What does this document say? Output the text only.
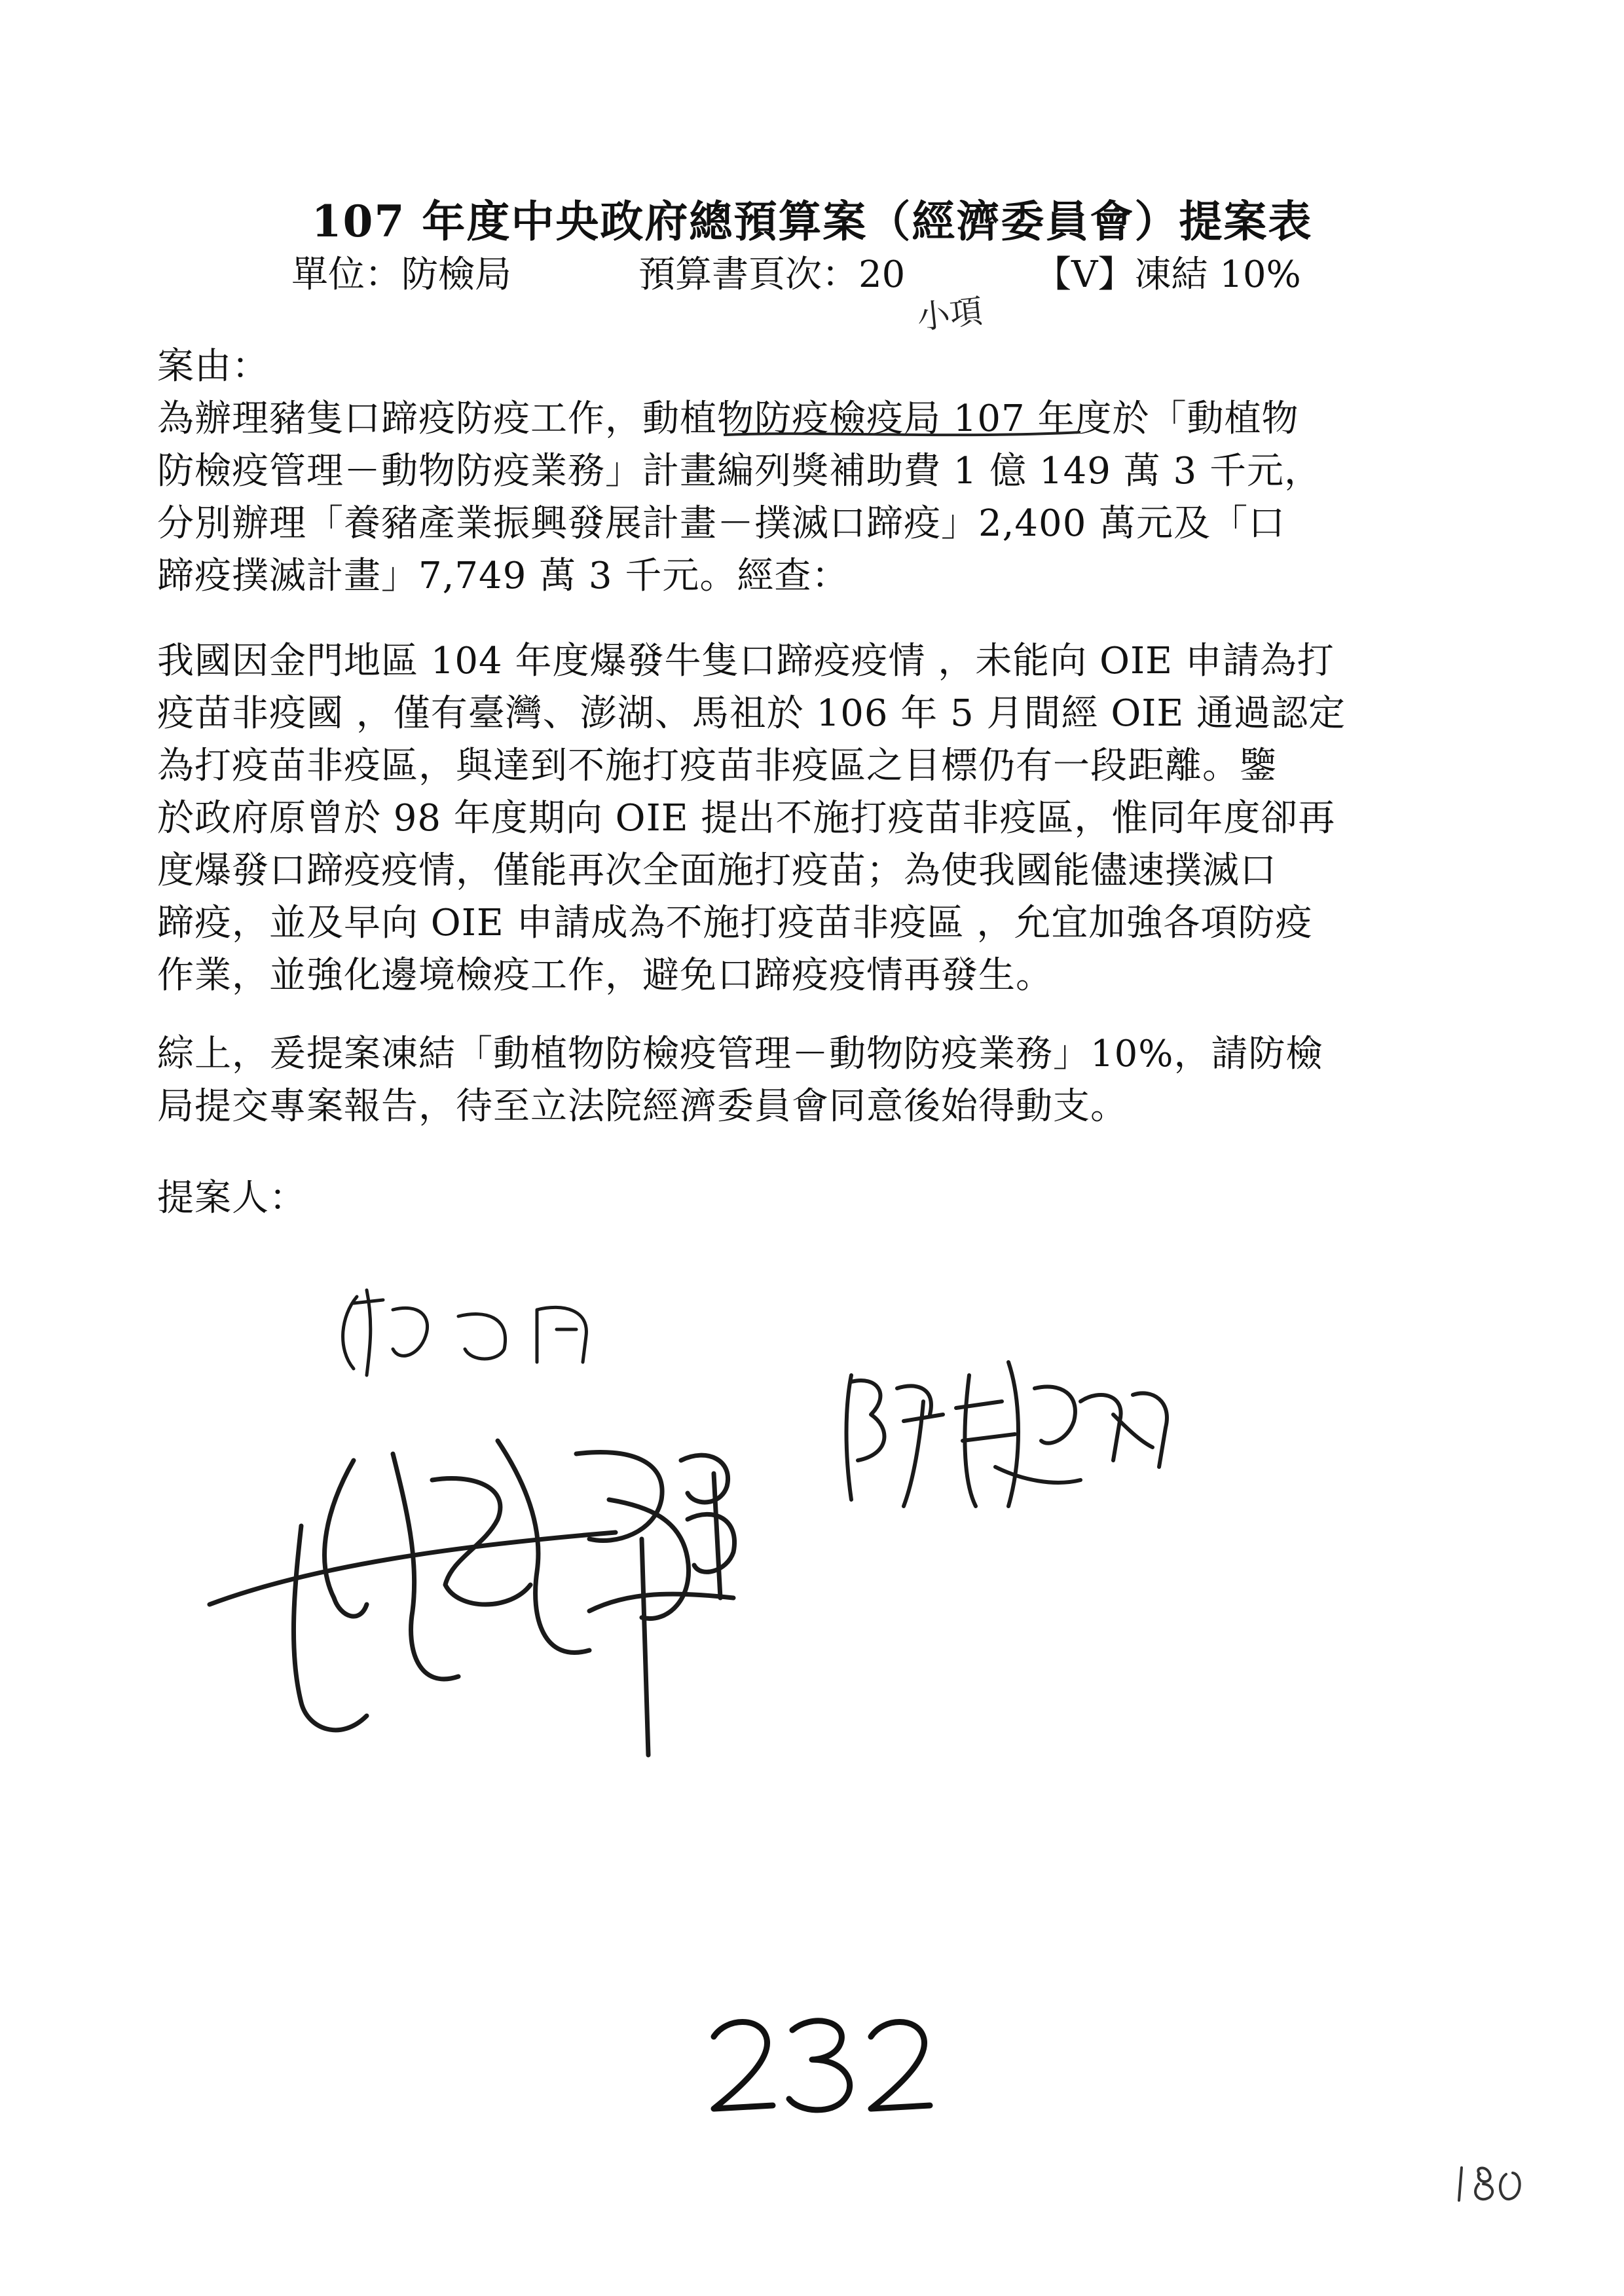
107 年度中央政府總預算案（經濟委員會）提案表
單位：防檢局	預算書頁次：20	【V】凍結 10%
小項
案由：
為辦理豬隻口蹄疫防疫工作，動植物防疫檢疫局 107 年度於「動植物
防檢疫管理－動物防疫業務」計畫編列獎補助費 1 億 149 萬 3 千元，
分別辦理「養豬產業振興發展計畫－撲滅口蹄疫」2,400 萬元及「口
蹄疫撲滅計畫」7,749 萬 3 千元。經查：
我國因金門地區 104 年度爆發牛隻口蹄疫疫情 ，未能向 OIE 申請為打
疫苗非疫國 ，僅有臺灣、澎湖、馬祖於 106 年 5 月間經 OIE 通過認定
為打疫苗非疫區，與達到不施打疫苗非疫區之目標仍有一段距離。鑒
於政府原曾於 98 年度期向 OIE 提出不施打疫苗非疫區，惟同年度卻再
度爆發口蹄疫疫情，僅能再次全面施打疫苗；為使我國能儘速撲滅口
蹄疫，並及早向 OIE 申請成為不施打疫苗非疫區 ，允宜加強各項防疫
作業，並強化邊境檢疫工作，避免口蹄疫疫情再發生。
綜上，爰提案凍結「動植物防檢疫管理－動物防疫業務」10%，請防檢
局提交專案報告，待至立法院經濟委員會同意後始得動支。
提案人：
